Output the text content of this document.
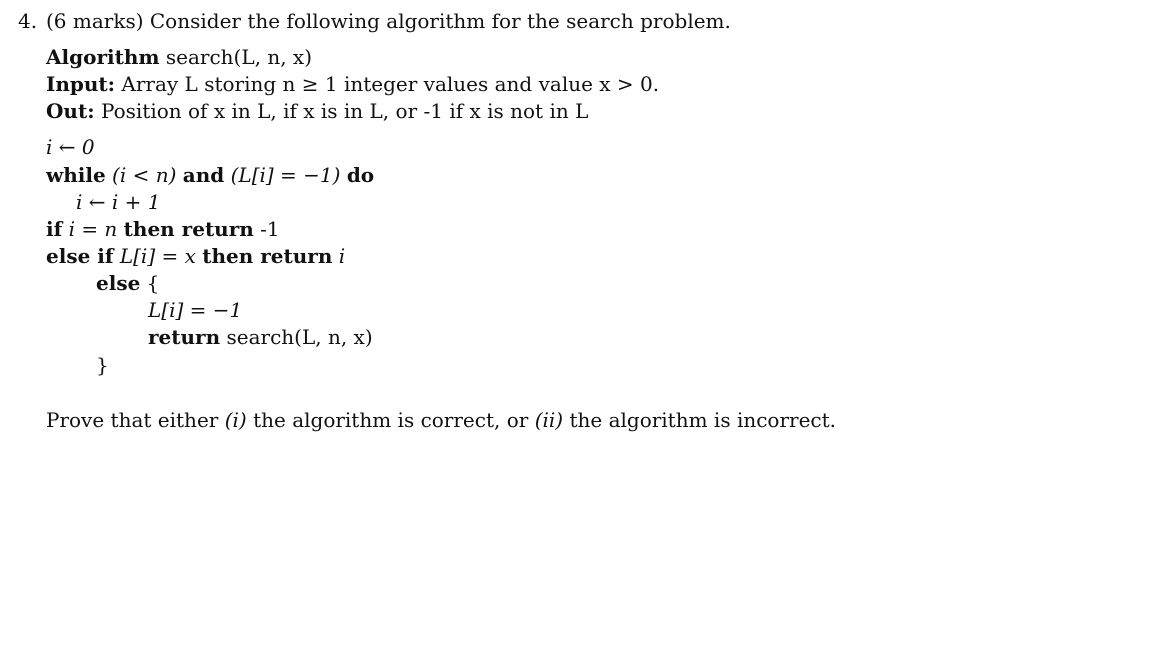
4. (6 marks) Consider the following algorithm for the search problem.
Algorithm search(L, n, x)
Input: Array L storing n ≥ 1 integer values and value x > 0.
Out: Position of x in L, if x is in L, or -1 if x is not in L
i ← 0
while (i < n) and (L[i] = −1) do
i ← i + 1
if i = n then return -1
else if L[i] = x then return i
else {
L[i] = −1
return search(L, n, x)
}
Prove that either (i) the algorithm is correct, or (ii) the algorithm is incorrect.
